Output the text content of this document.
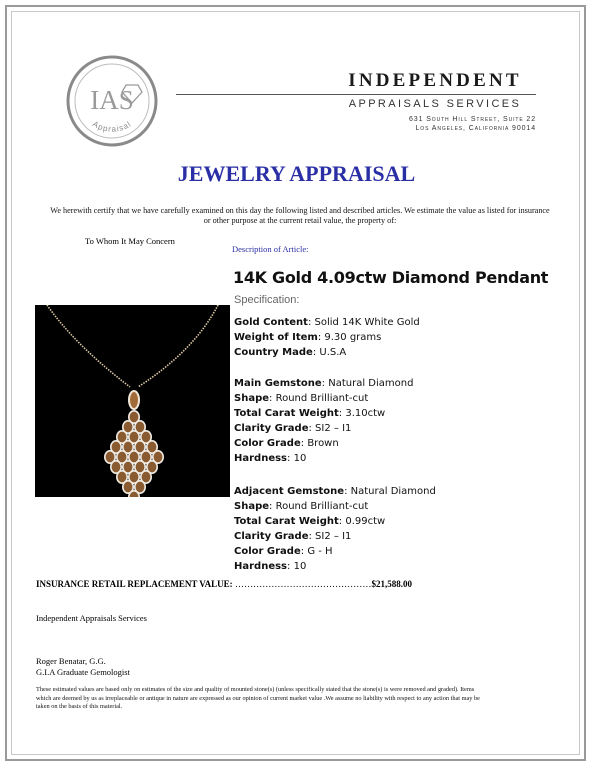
IAS
Appraisal
INDEPENDENT
APPRAISALS SERVICES
631 South Hill Street, Suite 22
Los Angeles, California 90014
JEWELRY APPRAISAL
We herewith certify that we have carefully examined on this day the following listed and described articles. We estimate the value as listed for insurance or other purpose at the current retail value, the property of:
To Whom It May Concern
Description of Article:
14K Gold 4.09ctw Diamond Pendant
Specification:
Gold Content: Solid 14K White Gold
Weight of Item: 9.30 grams
Country Made: U.S.A
Main Gemstone: Natural Diamond
Shape: Round Brilliant-cut
Total Carat Weight: 3.10ctw
Clarity Grade: SI2 – I1
Color Grade: Brown
Hardness: 10
Adjacent Gemstone: Natural Diamond
Shape: Round Brilliant-cut
Total Carat Weight: 0.99ctw
Clarity Grade: SI2 – I1
Color Grade: G - H
Hardness: 10
INSURANCE RETAIL REPLACEMENT VALUE: ………………………………………$21,588.00
Independent Appraisals Services
Roger Benatar, G.G.
G.I.A Graduate Gemologist
These estimated values are based only on estimates of the size and quality of mounted stone(s) (unless specifically stated that the stone(s) is were removed and graded). Items which are deemed by us as irreplaceable or antique in nature are expressed as our opinion of current market value .We assume no liability with respect to any action that may be taken on the basis of this material.
